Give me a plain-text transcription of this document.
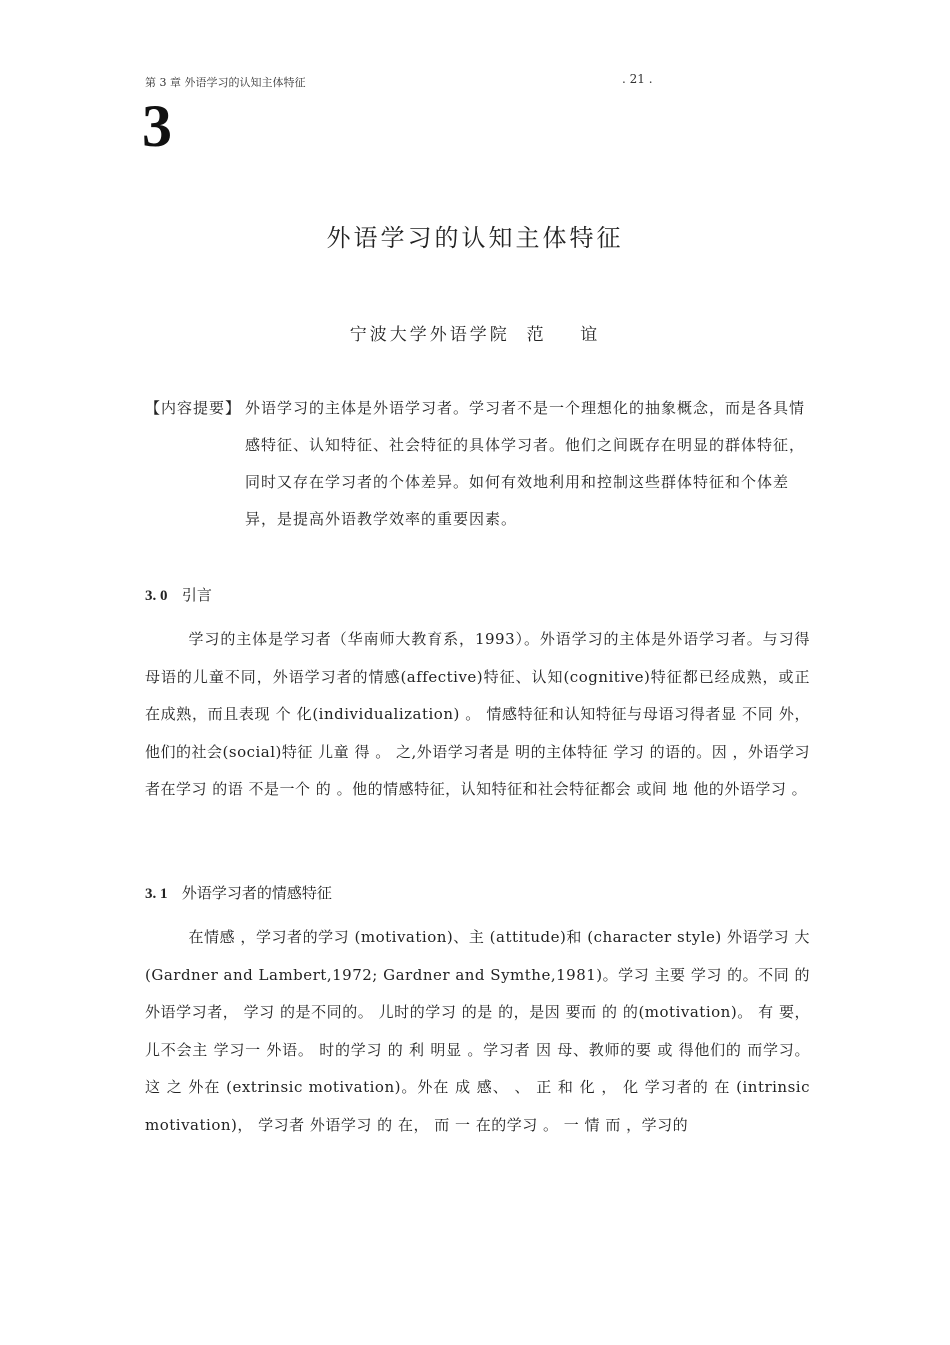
第 3 章 外语学习的认知主体特征	. 21 .
3
外语学习的认知主体特征
宁波大学外语学院  范    谊
【内容提要】 外语学习的主体是外语学习者。学习者不是一个理想化的抽象概念，而是各具情感特征、认知特征、社会特征的具体学习者。他们之间既存在明显的群体特征，同时又存在学习者的个体差异。如何有效地利用和控制这些群体特征和个体差异，是提高外语教学效率的重要因素。
3. 0 引言

学习的主体是学习者（华南师大教育系，1993）。外语学习的主体是外语学习者。与习得母语的儿童不同，外语学习者的情感(affective)特征、认知(cognitive)特征都已经成熟，或正在成熟，而且表现 个 化(individualization) 。 情感特征和认知特征与母语习得者显 不同 外，他们的社会(social)特征 儿童 得 。 之,外语学习者是 明的主体特征 学习 的语的。因 ，外语学习者在学习 的语 不是一个 的 。他的情感特征，认知特征和社会特征都会 或间 地 他的外语学习 。

3. 1 外语学习者的情感特征

在情感 ，学习者的学习 (motivation)、主 (attitude)和 (character style) 外语学习 大(Gardner and Lambert,1972; Gardner and Symthe,1981)。学习 主要 学习 的。不同 的外语学习者， 学习 的是不同的。 儿时的学习 的是 的，是因 要而 的 的(motivation)。 有 要， 儿不会主 学习一 外语。 时的学习 的 利 明显 。学习者 因 母、教师的要 或 得他们的 而学习。这 之 外在 (extrinsic motivation)。外在 成 感、 、 正 和 化 ， 化 学习者的 在 (intrinsic motivation)， 学习者 外语学习 的 在， 而 一 在的学习 。 一 情 而 ，学习的
